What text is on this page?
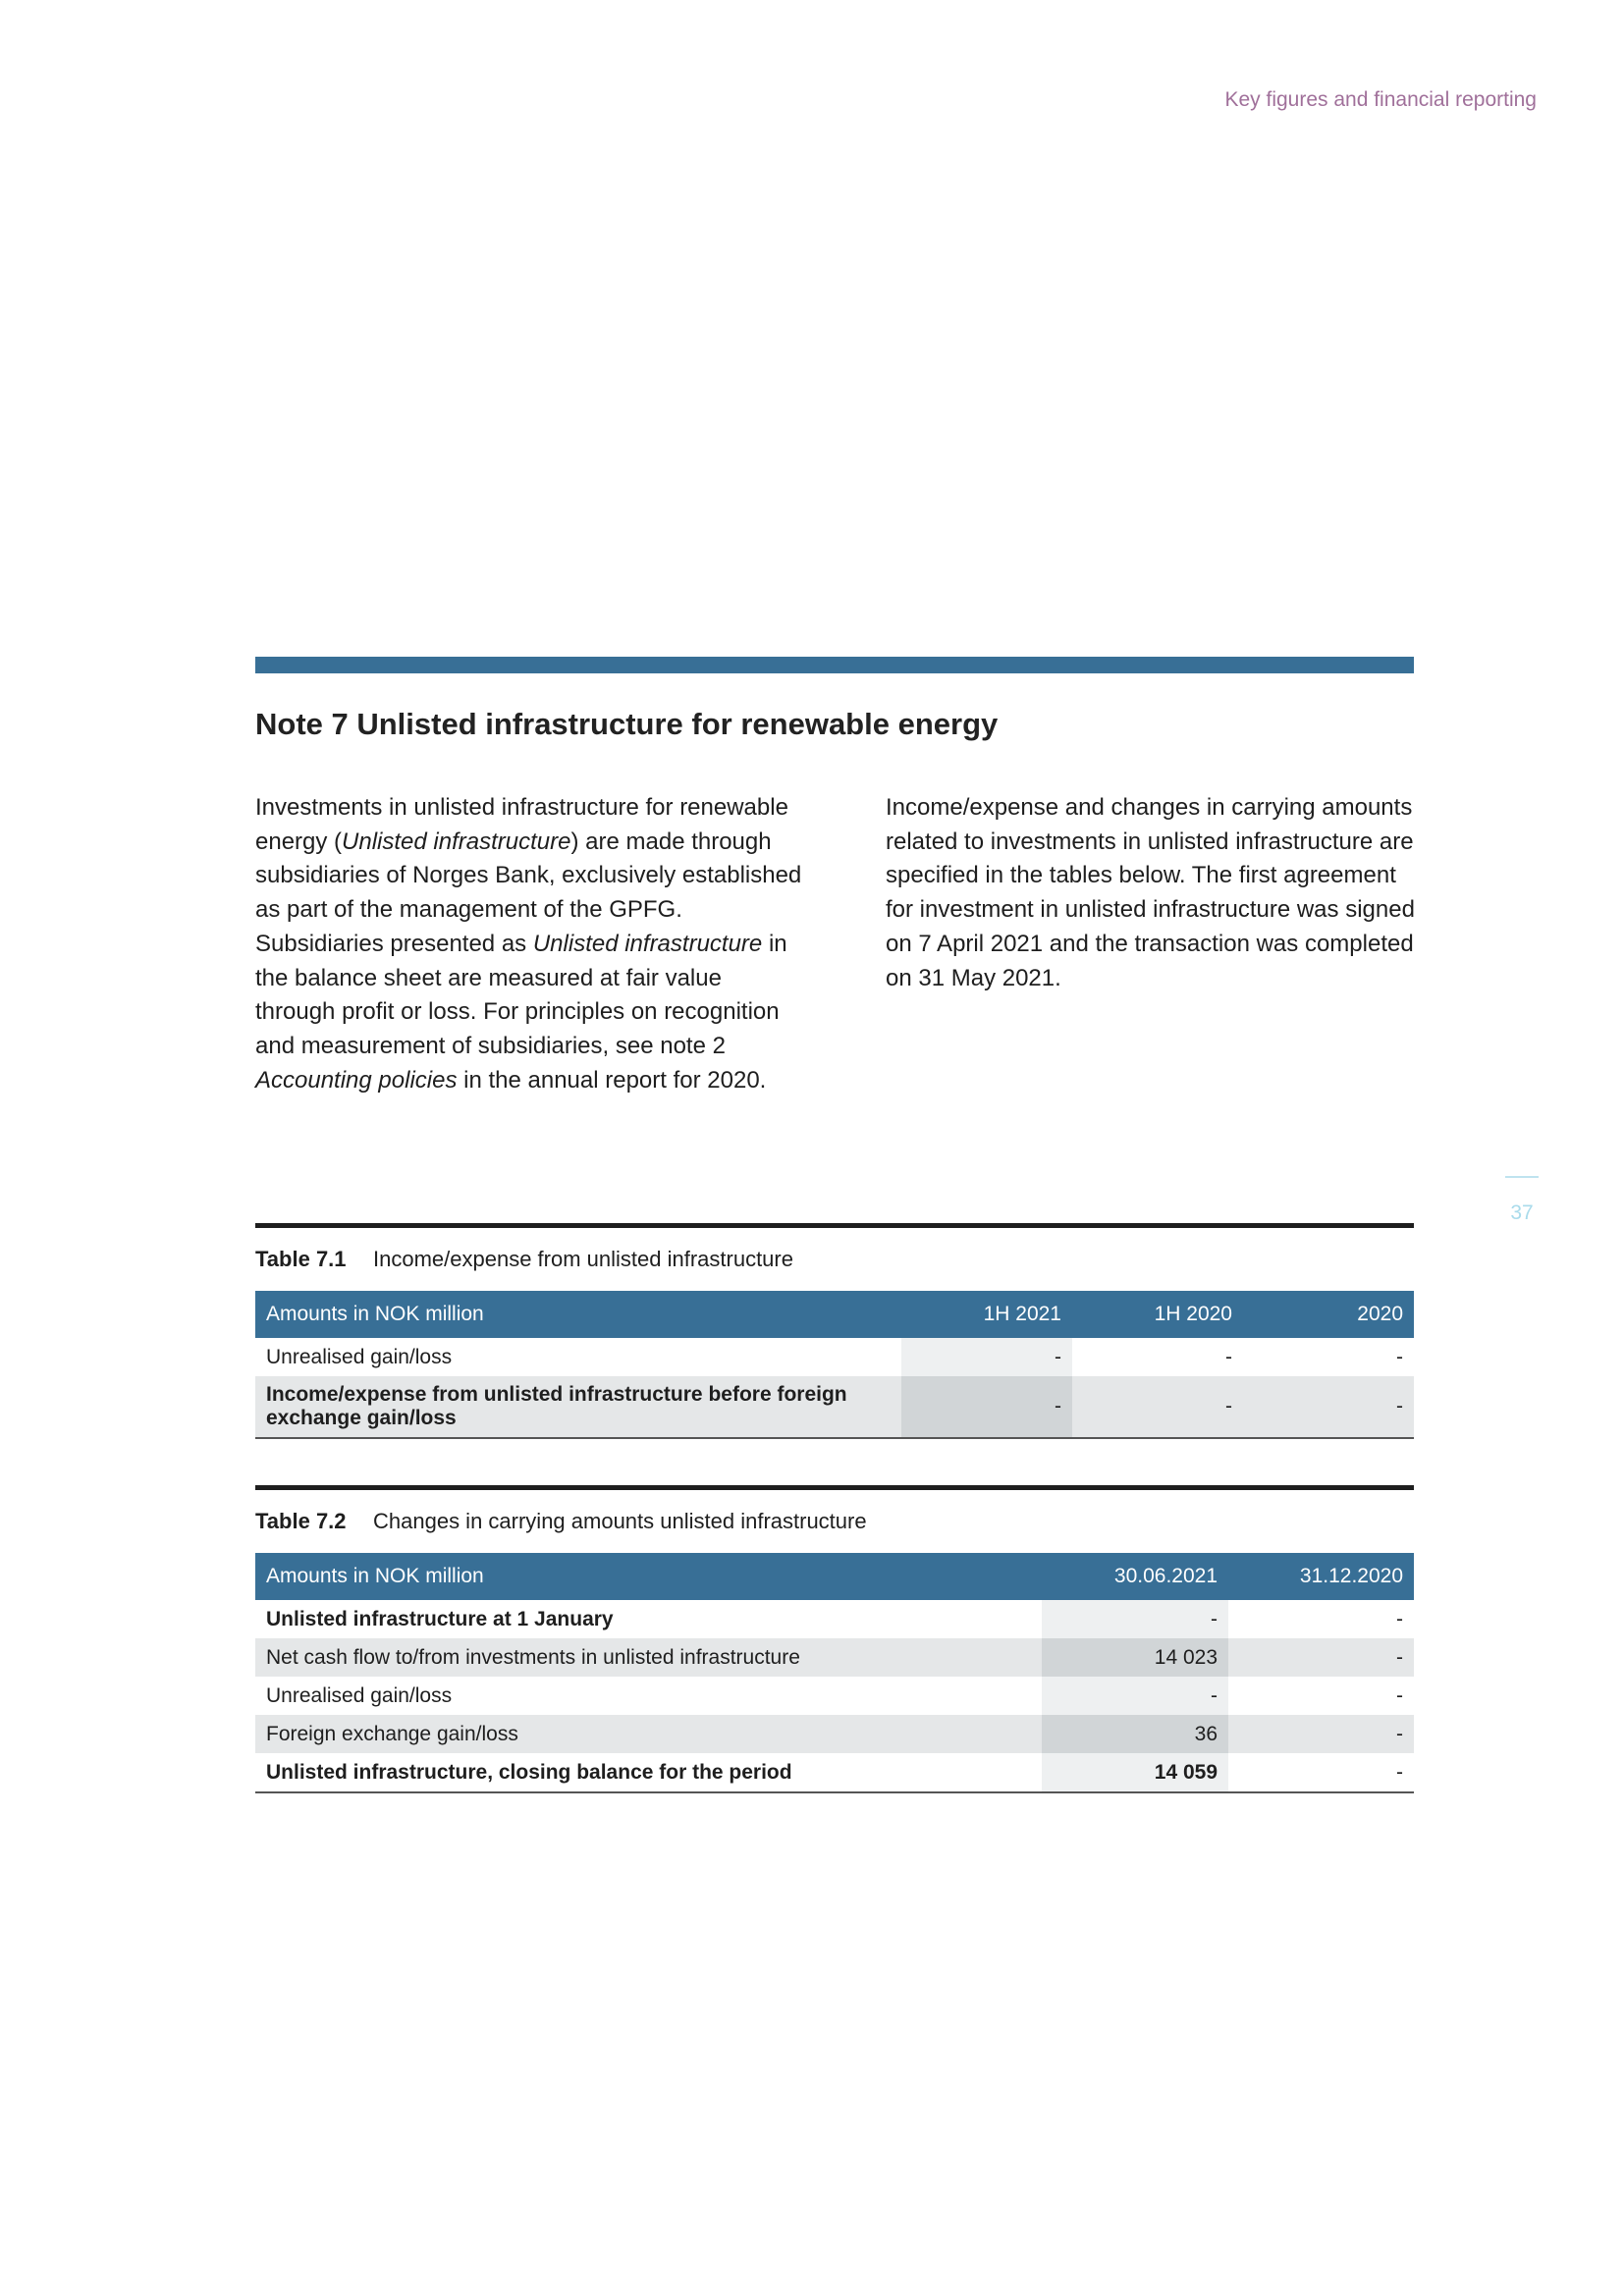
Key figures and financial reporting
37
Note 7 Unlisted infrastructure for renewable energy

Investments in unlisted infrastructure for renewable energy (Unlisted infrastructure) are made through subsidiaries of Norges Bank, exclusively established as part of the management of the GPFG. Subsidiaries presented as Unlisted infrastructure in the balance sheet are measured at fair value through profit or loss. For principles on recognition and measurement of subsidiaries, see note 2 Accounting policies in the annual report for 2020.

Income/expense and changes in carrying amounts related to investments in unlisted infrastructure are specified in the tables below. The first agreement for investment in unlisted infrastructure was signed on 7 April 2021 and the transaction was completed on 31 May 2021.

Table 7.1	Income/expense from unlisted infrastructure
Amounts in NOK million	1H 2021	1H 2020	2020
Unrealised gain/loss	-	-	-
Income/expense from unlisted infrastructure before foreign exchange gain/loss	-	-	-
Table 7.2	Changes in carrying amounts unlisted infrastructure
Amounts in NOK million	30.06.2021	31.12.2020
Unlisted infrastructure at 1 January	-	-
Net cash flow to/from investments in unlisted infrastructure	14 023	-
Unrealised gain/loss	-	-
Foreign exchange gain/loss	36	-
Unlisted infrastructure, closing balance for the period	14 059	-
